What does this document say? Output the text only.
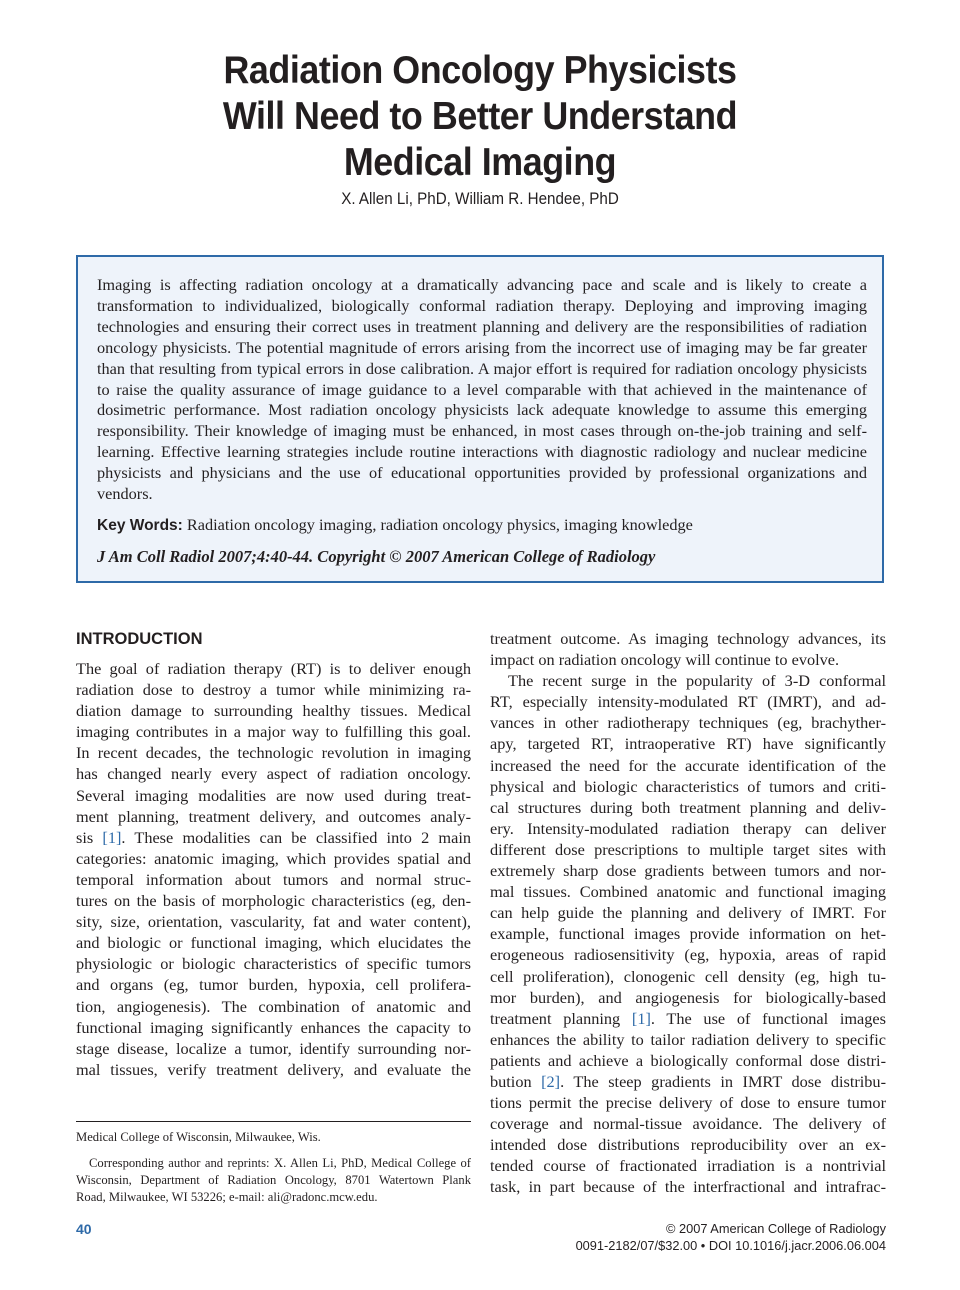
Radiation Oncology Physicists
Will Need to Better Understand
Medical Imaging
X. Allen Li, PhD, William R. Hendee, PhD
Imaging is affecting radiation oncology at a dramatically advancing pace and scale and is likely to create a transformation to individualized, biologically conformal radiation therapy. Deploying and improving imaging technologies and ensuring their correct uses in treatment planning and delivery are the responsibilities of radiation oncology physicists. The potential magnitude of errors arising from the incorrect use of imaging may be far greater than that resulting from typical errors in dose calibration. A major effort is required for radiation oncology physicists to raise the quality assurance of image guidance to a level comparable with that achieved in the maintenance of dosimetric performance. Most radiation oncology physicists lack adequate knowledge to assume this emerging responsibility. Their knowledge of imaging must be enhanced, in most cases through on-the-job training and self-learning. Effective learning strategies include routine interactions with diagnostic radiology and nuclear medicine physicists and physicians and the use of educational opportunities provided by professional organizations and vendors.
Key Words: Radiation oncology imaging, radiation oncology physics, imaging knowledge
J Am Coll Radiol 2007;4:40-44. Copyright © 2007 American College of Radiology
INTRODUCTION
The goal of radiation therapy (RT) is to deliver enough
radiation dose to destroy a tumor while minimizing ra-
diation damage to surrounding healthy tissues. Medical
imaging contributes in a major way to fulfilling this goal.
In recent decades, the technologic revolution in imaging
has changed nearly every aspect of radiation oncology.
Several imaging modalities are now used during treat-
ment planning, treatment delivery, and outcomes analy-
sis [1]. These modalities can be classified into 2 main
categories: anatomic imaging, which provides spatial and
temporal information about tumors and normal struc-
tures on the basis of morphologic characteristics (eg, den-
sity, size, orientation, vascularity, fat and water content),
and biologic or functional imaging, which elucidates the
physiologic or biologic characteristics of specific tumors
and organs (eg, tumor burden, hypoxia, cell prolifera-
tion, angiogenesis). The combination of anatomic and
functional imaging significantly enhances the capacity to
stage disease, localize a tumor, identify surrounding nor-
mal tissues, verify treatment delivery, and evaluate the
treatment outcome. As imaging technology advances, its
impact on radiation oncology will continue to evolve.
The recent surge in the popularity of 3-D conformal
RT, especially intensity-modulated RT (IMRT), and ad-
vances in other radiotherapy techniques (eg, brachyther-
apy, targeted RT, intraoperative RT) have significantly
increased the need for the accurate identification of the
physical and biologic characteristics of tumors and criti-
cal structures during both treatment planning and deliv-
ery. Intensity-modulated radiation therapy can deliver
different dose prescriptions to multiple target sites with
extremely sharp dose gradients between tumors and nor-
mal tissues. Combined anatomic and functional imaging
can help guide the planning and delivery of IMRT. For
example, functional images provide information on het-
erogeneous radiosensitivity (eg, hypoxia, areas of rapid
cell proliferation), clonogenic cell density (eg, high tu-
mor burden), and angiogenesis for biologically-based
treatment planning [1]. The use of functional images
enhances the ability to tailor radiation delivery to specific
patients and achieve a biologically conformal dose distri-
bution [2]. The steep gradients in IMRT dose distribu-
tions permit the precise delivery of dose to ensure tumor
coverage and normal-tissue avoidance. The delivery of
intended dose distributions reproducibility over an ex-
tended course of fractionated irradiation is a nontrivial
task, in part because of the interfractional and intrafrac-
Medical College of Wisconsin, Milwaukee, Wis.
Corresponding author and reprints: X. Allen Li, PhD, Medical College of
Wisconsin, Department of Radiation Oncology, 8701 Watertown Plank
Road, Milwaukee, WI 53226; e-mail: ali@radonc.mcw.edu.
40	© 2007 American College of Radiology
0091-2182/07/$32.00 • DOI 10.1016/j.jacr.2006.06.004
